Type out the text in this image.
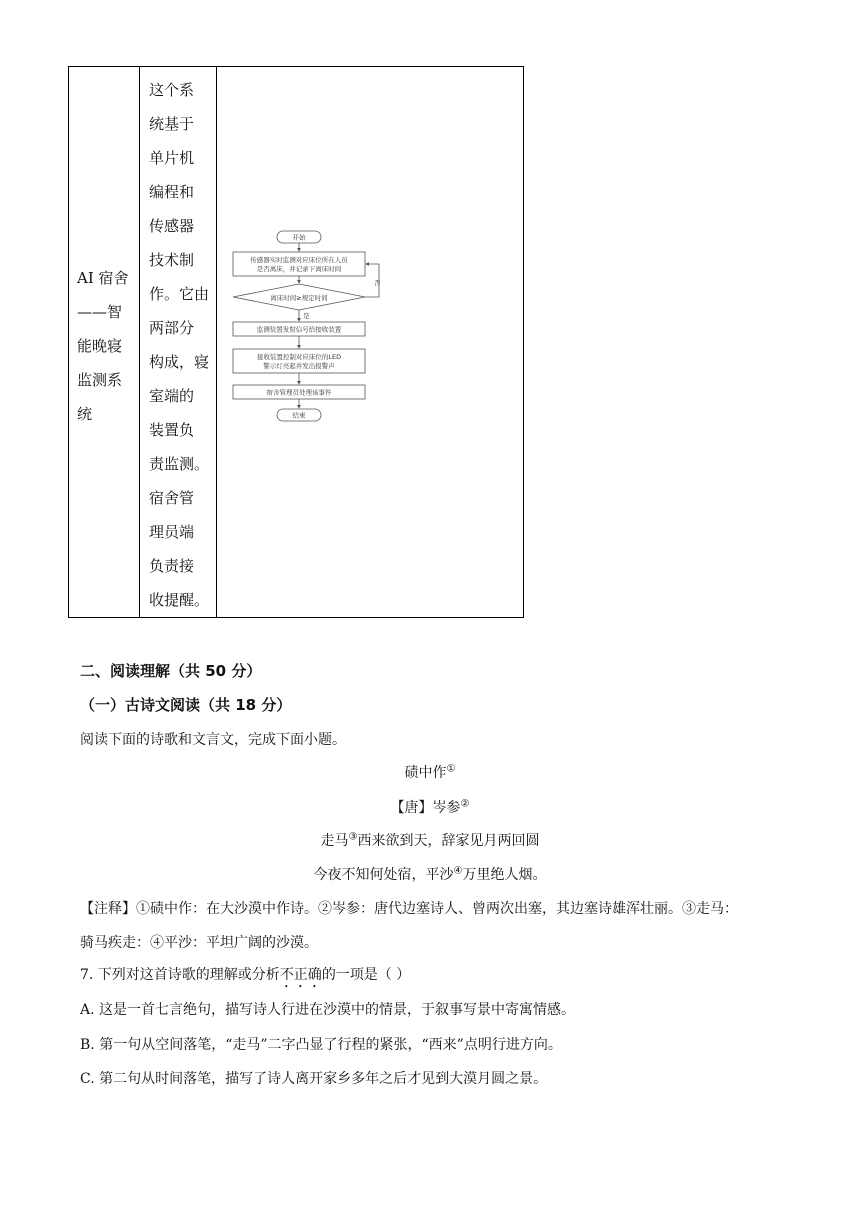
AI 宿舍
——智
能晚寝
监测系
统
这个系
统基于
单片机
编程和
传感器
技术制
作。它由
两部分
构成，寝
室端的
装置负
责监测。
宿舍管
理员端
负责接
收提醒。
开始
传感器实时监测对应床位所在人员
是否离床，并记录下离床时间
离床时间≥规定时间
否
是
监测装置发射信号给接收装置
接收装置控制对应床位的LED
警示灯亮起并发出报警声
宿舍管理员处理该事件
结束
二、阅读理解（共 50 分）
（一）古诗文阅读（共 18 分）
阅读下面的诗歌和文言文，完成下面小题。
碛中作①
【唐】岑参②
走马③西来欲到天，辞家见月两回圆
今夜不知何处宿，平沙④万里绝人烟。
【注释】①碛中作：在大沙漠中作诗。②岑参：唐代边塞诗人、曾两次出塞，其边塞诗雄浑壮丽。③走马：
骑马疾走：④平沙：平坦广阔的沙漠。
7. 下列对这首诗歌的理解或分析不正确的一项是（ ）
A. 这是一首七言绝句，描写诗人行进在沙漠中的情景，于叙事写景中寄寓情感。
B. 第一句从空间落笔，“走马”二字凸显了行程的紧张，“西来”点明行进方向。
C. 第二句从时间落笔，描写了诗人离开家乡多年之后才见到大漠月圆之景。
